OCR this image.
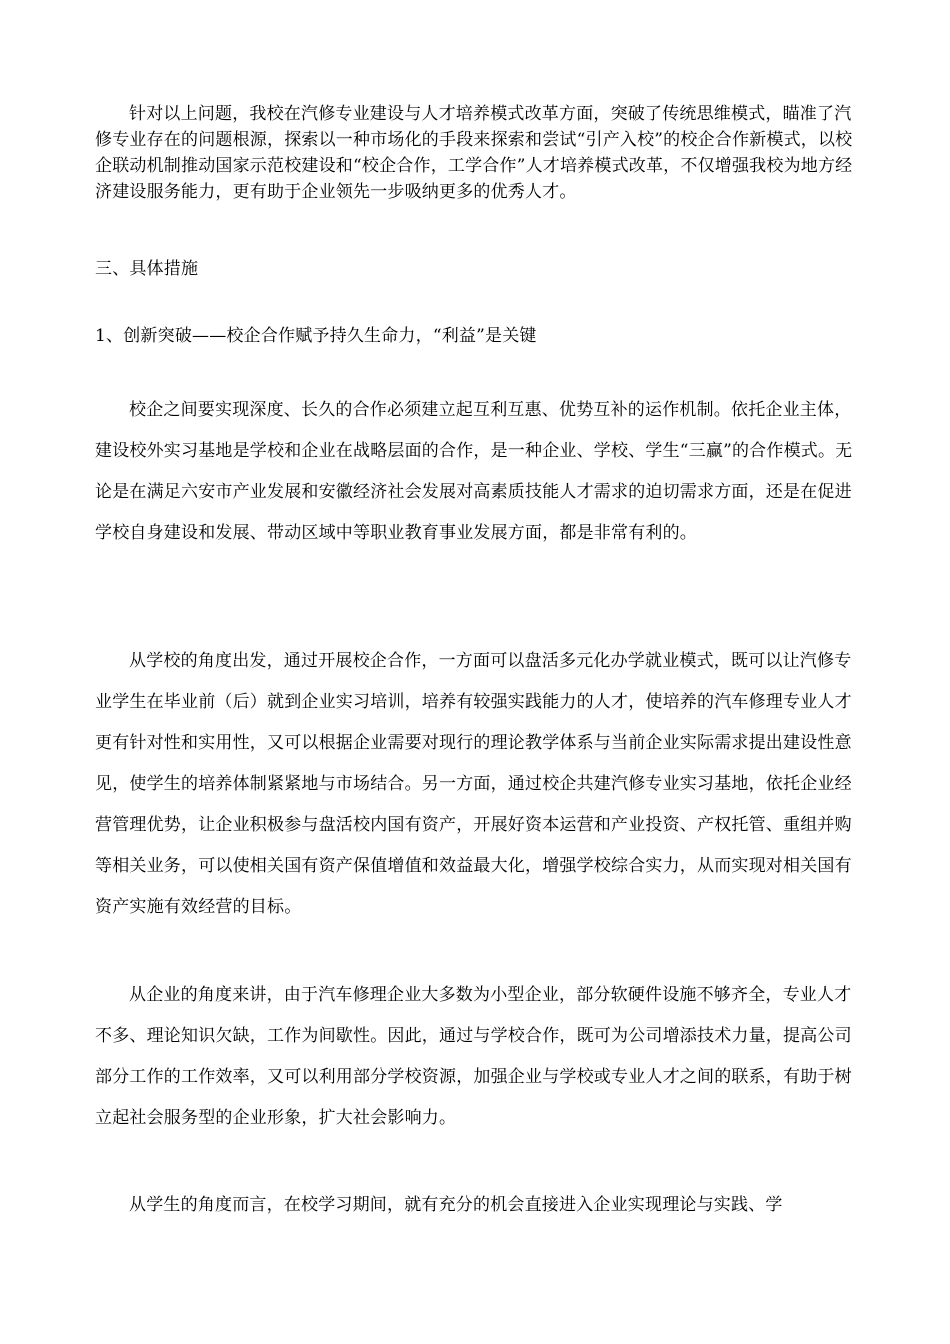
针对以上问题，我校在汽修专业建设与人才培养模式改革方面，突破了传统思维模式，瞄准了汽修专业存在的问题根源，探索以一种市场化的手段来探索和尝试“引产入校”的校企合作新模式，以校企联动机制推动国家示范校建设和“校企合作，工学合作”人才培养模式改革，不仅增强我校为地方经济建设服务能力，更有助于企业领先一步吸纳更多的优秀人才。

三、具体措施

1、创新突破——校企合作赋予持久生命力，“利益”是关键

校企之间要实现深度、长久的合作必须建立起互利互惠、优势互补的运作机制。依托企业主体，建设校外实习基地是学校和企业在战略层面的合作，是一种企业、学校、学生“三赢”的合作模式。无论是在满足六安市产业发展和安徽经济社会发展对高素质技能人才需求的迫切需求方面，还是在促进学校自身建设和发展、带动区域中等职业教育事业发展方面，都是非常有利的。

从学校的角度出发，通过开展校企合作，一方面可以盘活多元化办学就业模式，既可以让汽修专业学生在毕业前（后）就到企业实习培训，培养有较强实践能力的人才，使培养的汽车修理专业人才更有针对性和实用性，又可以根据企业需要对现行的理论教学体系与当前企业实际需求提出建设性意见，使学生的培养体制紧紧地与市场结合。另一方面，通过校企共建汽修专业实习基地，依托企业经营管理优势，让企业积极参与盘活校内国有资产，开展好资本运营和产业投资、产权托管、重组并购等相关业务，可以使相关国有资产保值增值和效益最大化，增强学校综合实力，从而实现对相关国有资产实施有效经营的目标。

从企业的角度来讲，由于汽车修理企业大多数为小型企业，部分软硬件设施不够齐全，专业人才不多、理论知识欠缺，工作为间歇性。因此，通过与学校合作，既可为公司增添技术力量，提高公司部分工作的工作效率，又可以利用部分学校资源，加强企业与学校或专业人才之间的联系，有助于树立起社会服务型的企业形象，扩大社会影响力。

从学生的角度而言，在校学习期间，就有充分的机会直接进入企业实现理论与实践、学
